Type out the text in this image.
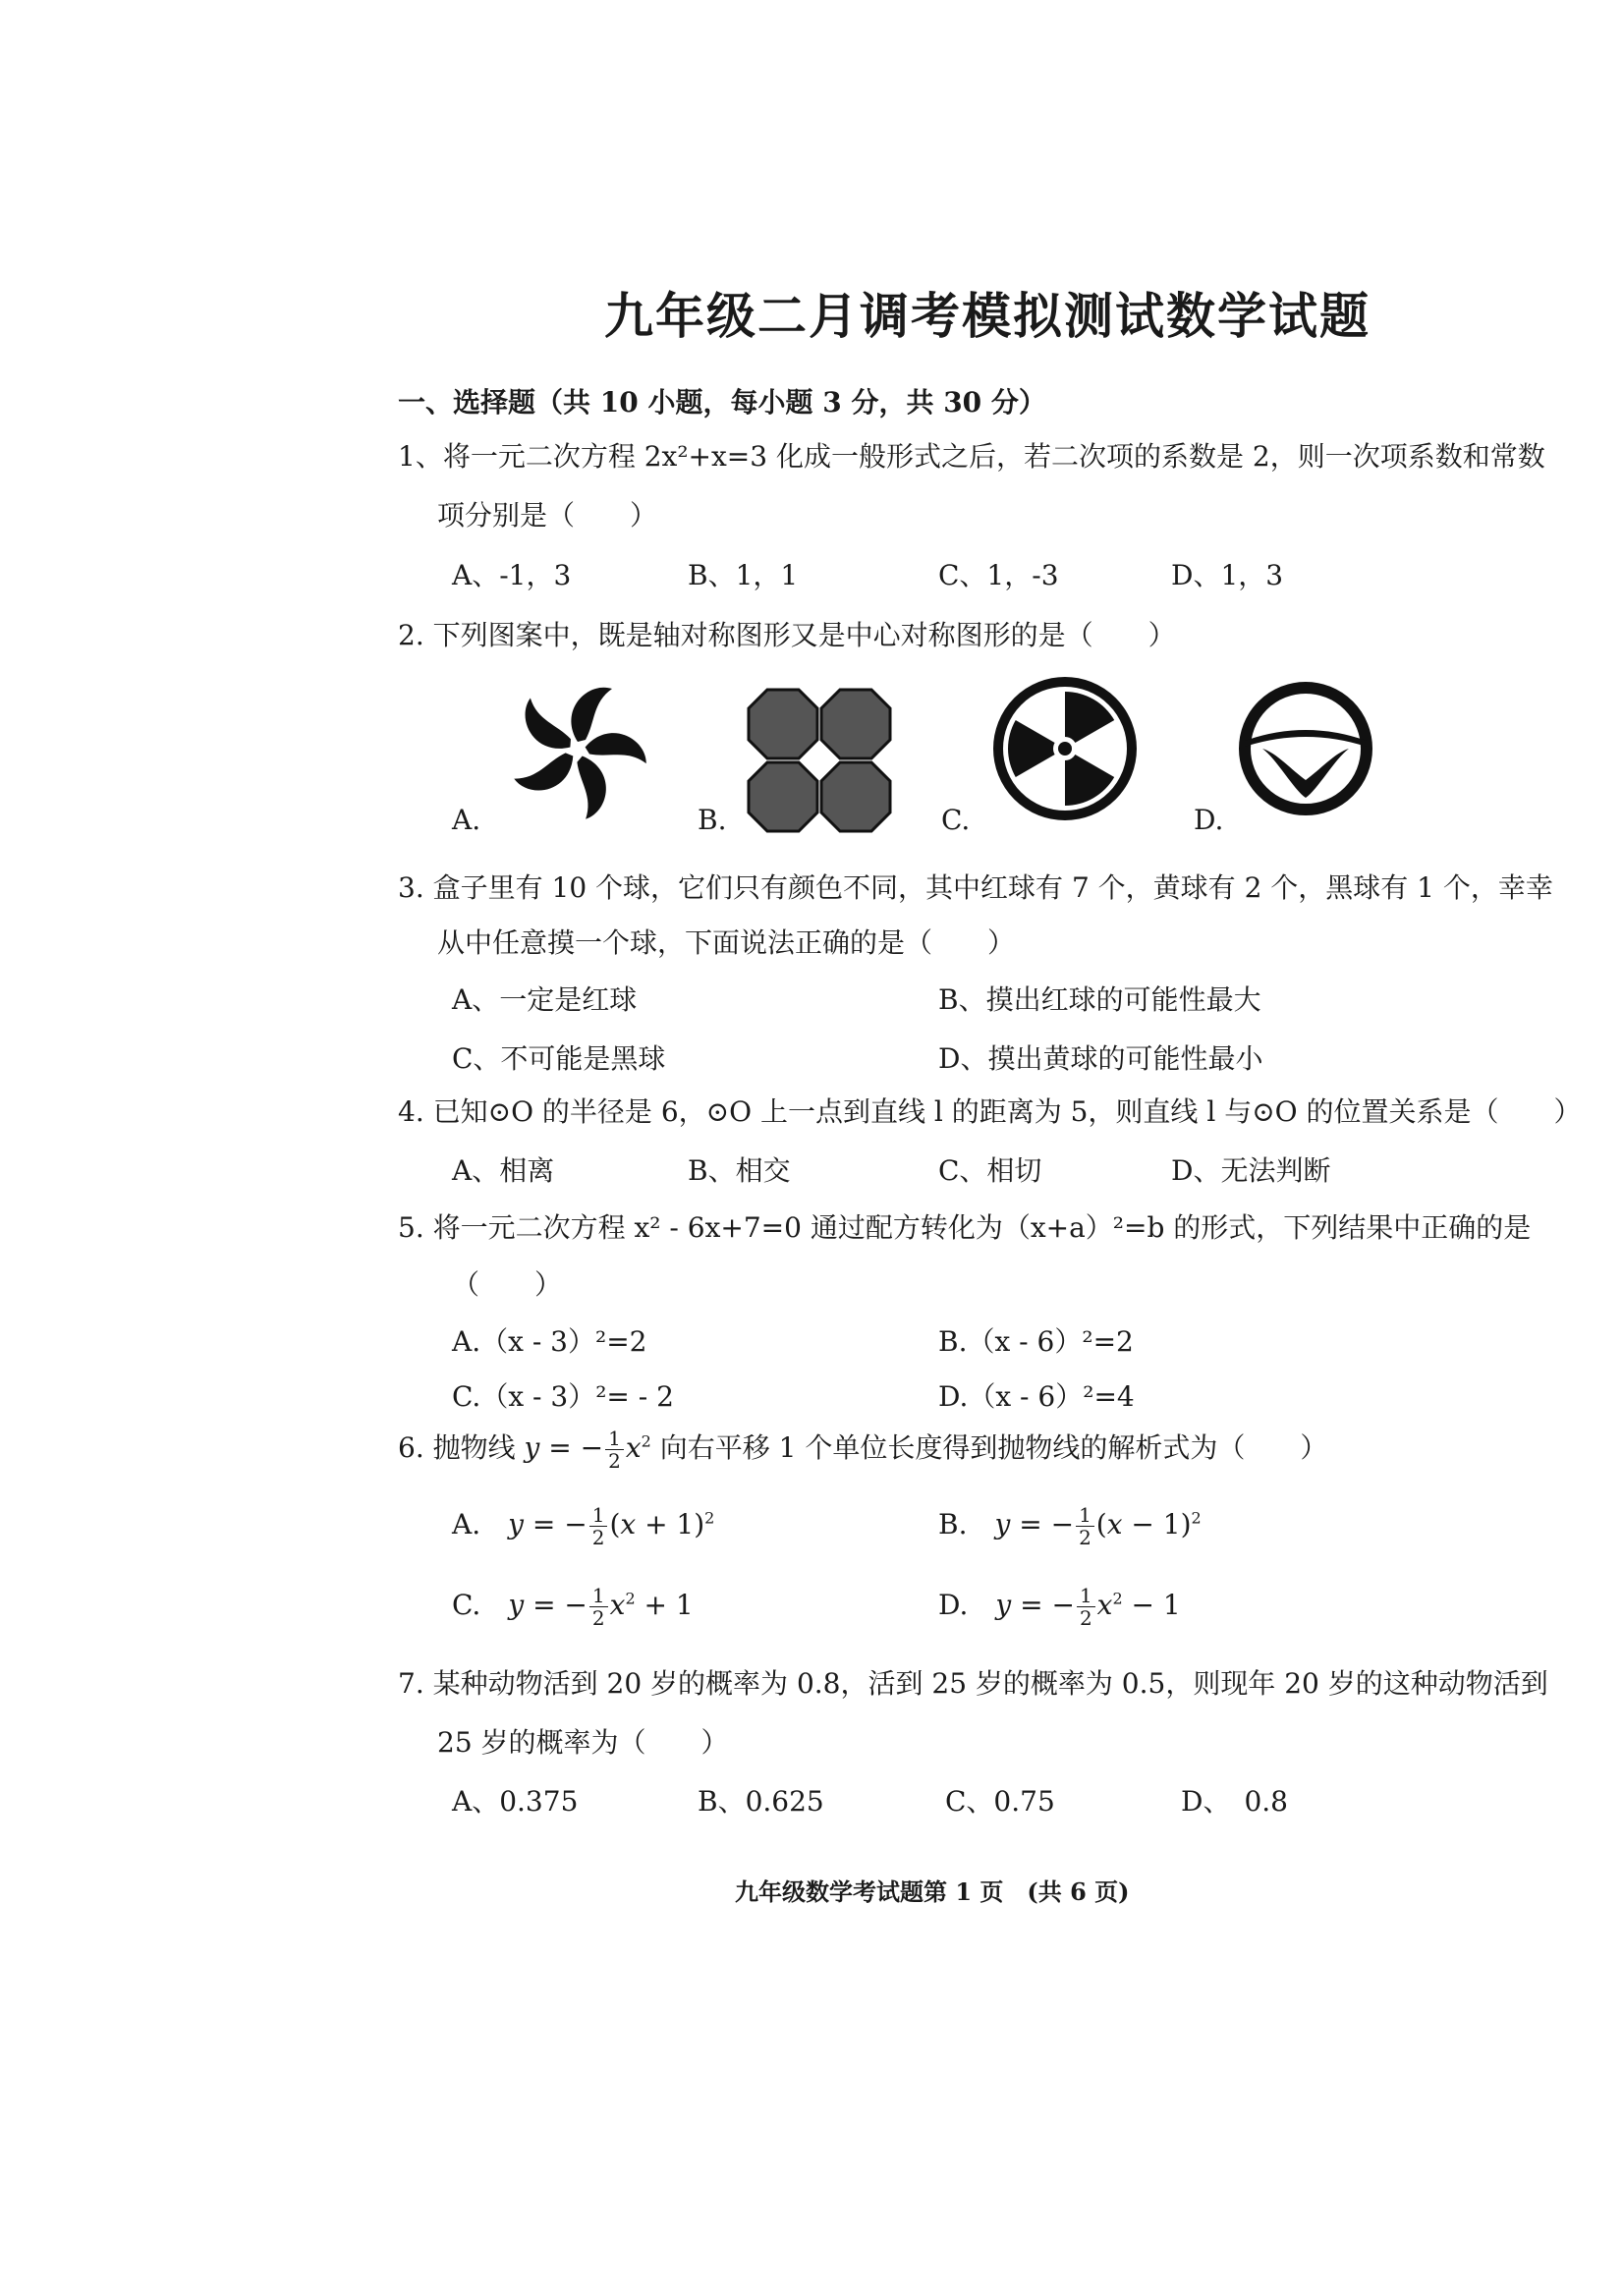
九年级二月调考模拟测试数学试题
一、选择题（共 10 小题，每小题 3 分，共 30 分）
1、将一元二次方程 2x²+x=3 化成一般形式之后，若二次项的系数是 2，则一次项系数和常数
项分别是（　　）
A、-1，3	B、1，1	C、1，-3	D、1，3
2. 下列图案中，既是轴对称图形又是中心对称图形的是（　　）
A.	B.	C.	D.
3. 盒子里有 10 个球，它们只有颜色不同，其中红球有 7 个，黄球有 2 个，黑球有 1 个，幸幸
从中任意摸一个球，下面说法正确的是（　　）
A、一定是红球	B、摸出红球的可能性最大
C、不可能是黑球	D、摸出黄球的可能性最小
4. 已知⊙O 的半径是 6，⊙O 上一点到直线 l 的距离为 5，则直线 l 与⊙O 的位置关系是（　　）
A、相离	B、相交	C、相切	D、无法判断
5. 将一元二次方程 x² - 6x+7=0 通过配方转化为（x+a）²=b 的形式，下列结果中正确的是
（　　）
A.（x - 3）²=2	B.（x - 6）²=2
C.（x - 3）²= - 2	D.（x - 6）²=4
6. 抛物线 y = − $\frac{1}{2} x^2$ 向右平移 1 个单位长度得到抛物线的解析式为（　　）
A.　 y = − $\frac{1}{2} (x + 1)^2$	B.　 y = − $\frac{1}{2} (x - 1)^2$
C.　 y = − $\frac{1}{2} x^2 + 1$	D.　 y = − $\frac{1}{2} x^2 - 1$
7. 某种动物活到 20 岁的概率为 0.8，活到 25 岁的概率为 0.5，则现年 20 岁的这种动物活到
25 岁的概率为（　　）
A、0.375	B、0.625	C、0.75	D、　0.8
九年级数学考试题第 1 页　(共 6 页)
